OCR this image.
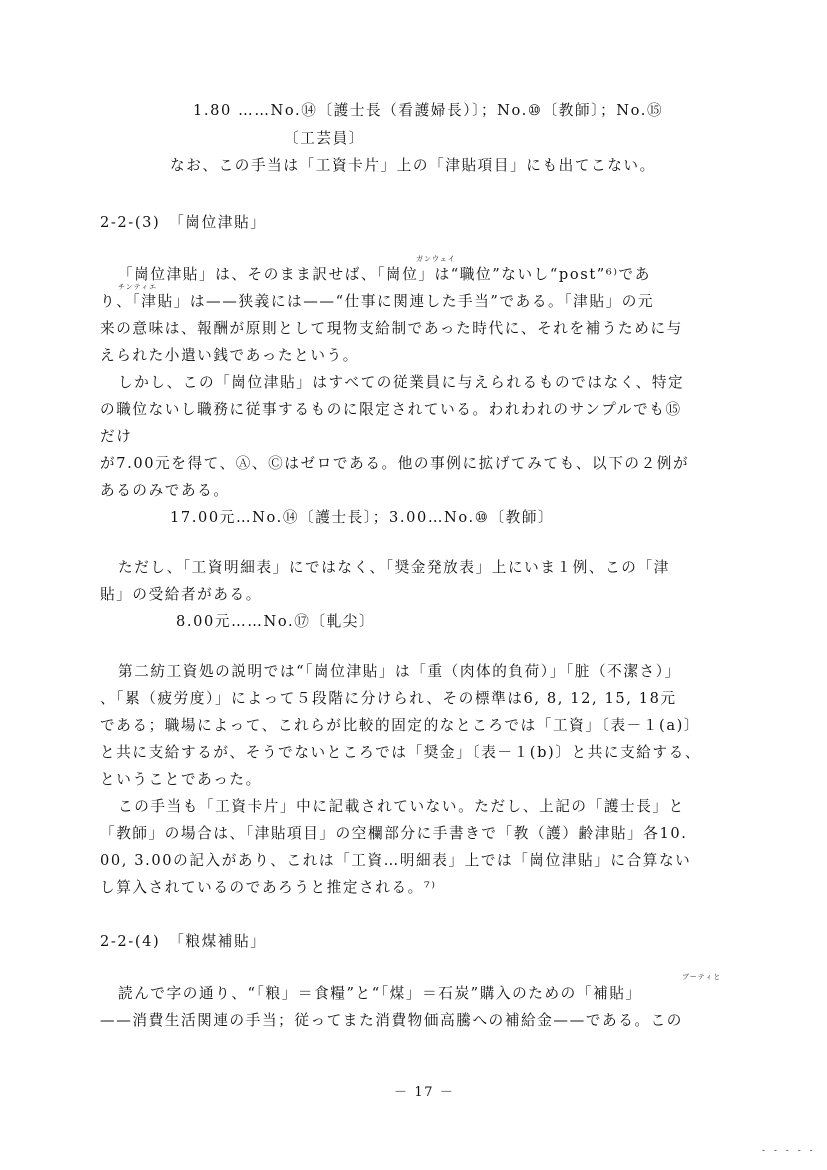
1.80 ……No.⑭〔護士長（看護婦長）〕；No.⑩〔教師〕；No.⑮
〔工芸員〕
なお、この手当は「工資卡片」上の「津貼項目」にも出てこない。
2-2-(3)　「崗位津貼」
ガンウェイ
「崗位津貼」は、そのまま訳せば、「崗位」は“職位”ないし“post”⁶⁾であ
チンティエ
り、「津貼」は——狭義には——“仕事に関連した手当”である。「津貼」の元
来の意味は、報酬が原則として現物支給制であった時代に、それを補うために与
えられた小遣い銭であったという。
しかし、この「崗位津貼」はすべての従業員に与えられるものではなく、特定
の職位ないし職務に従事するものに限定されている。われわれのサンプルでも⑮
だけ
が7.00元を得て、Ⓐ、Ⓒはゼロである。他の事例に拡げてみても、以下の２例が
あるのみである。
17.00元…No.⑭〔護士長〕；3.00…No.⑩〔教師〕
ただし、「工資明細表」にではなく、「奨金発放表」上にいま１例、この「津
貼」の受給者がある。
8.00元……No.⑰〔軋尖〕
第二紡工資処の説明では“「崗位津貼」は「重（肉体的負荷）」「脏（不潔さ）」
、「累（疲労度）」によって５段階に分けられ、その標準は6, 8, 12, 15, 18元
である；職場によって、これらが比較的固定的なところでは「工資」〔表－１(a)〕
と共に支給するが、そうでないところでは「奨金」〔表－１(b)〕と共に支給する、
ということであった。
この手当も「工資卡片」中に記載されていない。ただし、上記の「護士長」と
「教師」の場合は、「津貼項目」の空欄部分に手書きで「教（護）齢津貼」各10.
00, 3.00の記入があり、これは「工資…明細表」上では「崗位津貼」に合算ない
し算入されているのであろうと推定される。⁷⁾
2-2-(4)　「粮煤補貼」
ブーティと
読んで字の通り、“「粮」＝食糧”と“「煤」＝石炭”購入のための「補貼」
——消費生活関連の手当；従ってまた消費物価高騰への補給金——である。この
－ 17 －
- - - - -
